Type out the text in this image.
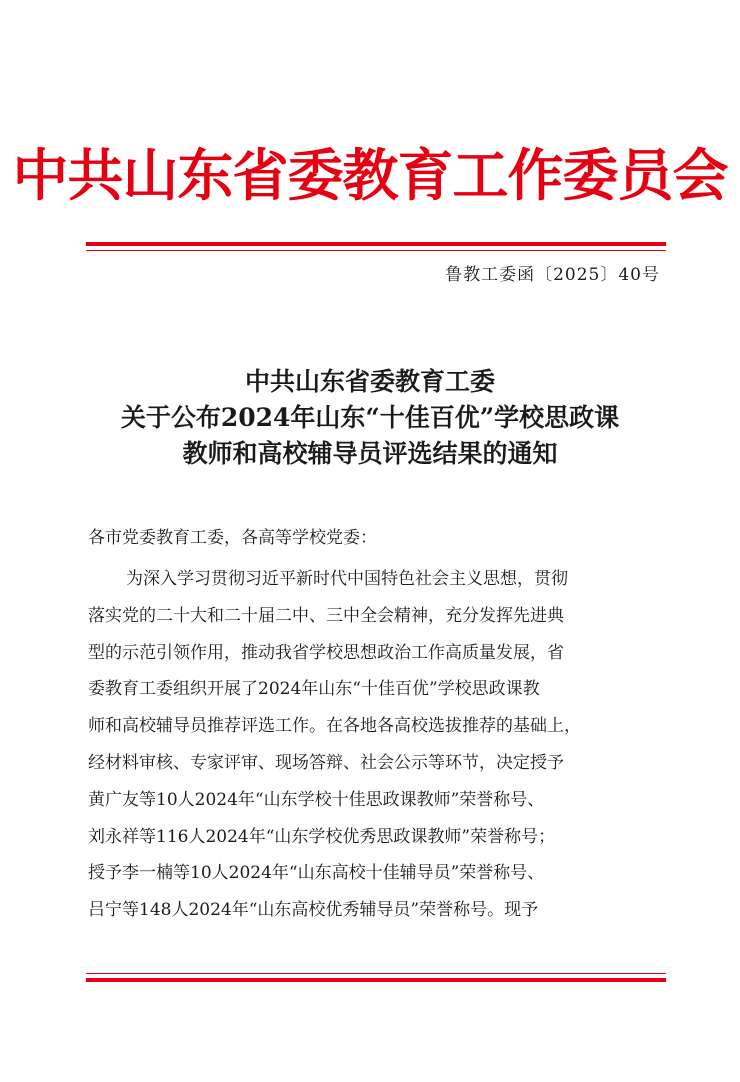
中共山东省委教育工作委员会
鲁教工委函〔2025〕40号
中共山东省委教育工委
关于公布2024年山东“十佳百优”学校思政课
教师和高校辅导员评选结果的通知
各市党委教育工委，各高等学校党委：
为深入学习贯彻习近平新时代中国特色社会主义思想，贯彻
落实党的二十大和二十届二中、三中全会精神，充分发挥先进典
型的示范引领作用，推动我省学校思想政治工作高质量发展，省
委教育工委组织开展了2024年山东“十佳百优”学校思政课教
师和高校辅导员推荐评选工作。在各地各高校选拔推荐的基础上，
经材料审核、专家评审、现场答辩、社会公示等环节，决定授予
黄广友等10人2024年“山东学校十佳思政课教师”荣誉称号、
刘永祥等116人2024年“山东学校优秀思政课教师”荣誉称号；
授予李一楠等10人2024年“山东高校十佳辅导员”荣誉称号、
吕宁等148人2024年“山东高校优秀辅导员”荣誉称号。现予
